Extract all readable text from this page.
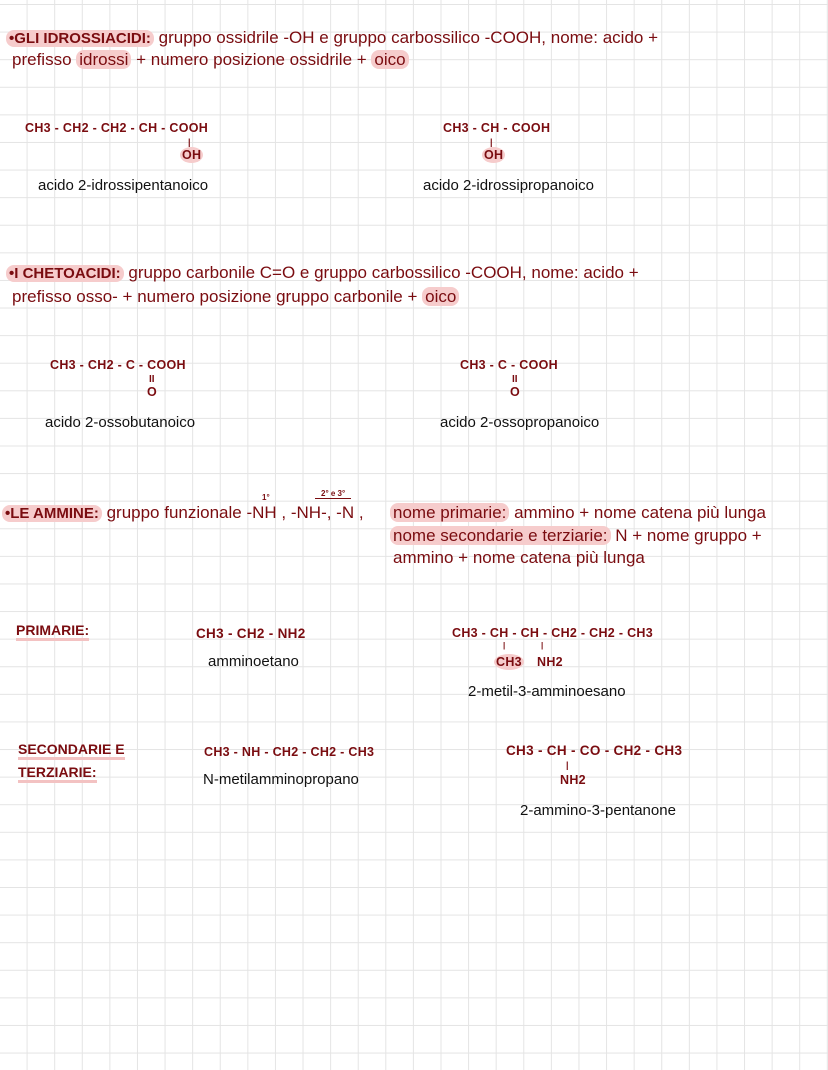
•GLI IDROSSIACIDI: gruppo ossidrile -OH e gruppo carbossilico -COOH, nome: acido +
prefisso idrossi + numero posizione ossidrile + oico
CH3 - CH2 - CH2 - CH - COOH
|
OH
acido 2-idrossipentanoico
CH3 - CH - COOH
|
OH
acido 2-idrossipropanoico
•I CHETOACIDI: gruppo carbonile C=O e gruppo carbossilico -COOH, nome: acido +
prefisso osso- + numero posizione gruppo carbonile + oico
CH3 - CH2 - C - COOH
II
O
acido 2-ossobutanoico
CH3 - C - COOH
II
O
acido 2-ossopropanoico
1°	2° e 3°
•LE AMMINE: gruppo funzionale -NH , -NH-, -N , nome primarie: ammino + nome catena più lunga
nome secondarie e terziarie: N + nome gruppo +
ammino + nome catena più lunga
PRIMARIE:	CH3 - CH2 - NH2
amminoetano
CH3 - CH - CH - CH2 - CH2 - CH3
|	|
CH3 NH2
2-metil-3-amminoesano
SECONDARIE E
TERZIARIE:
CH3 - NH - CH2 - CH2 - CH3
N-metilamminopropano
CH3 - CH - CO - CH2 - CH3
|
NH2
2-ammino-3-pentanone
